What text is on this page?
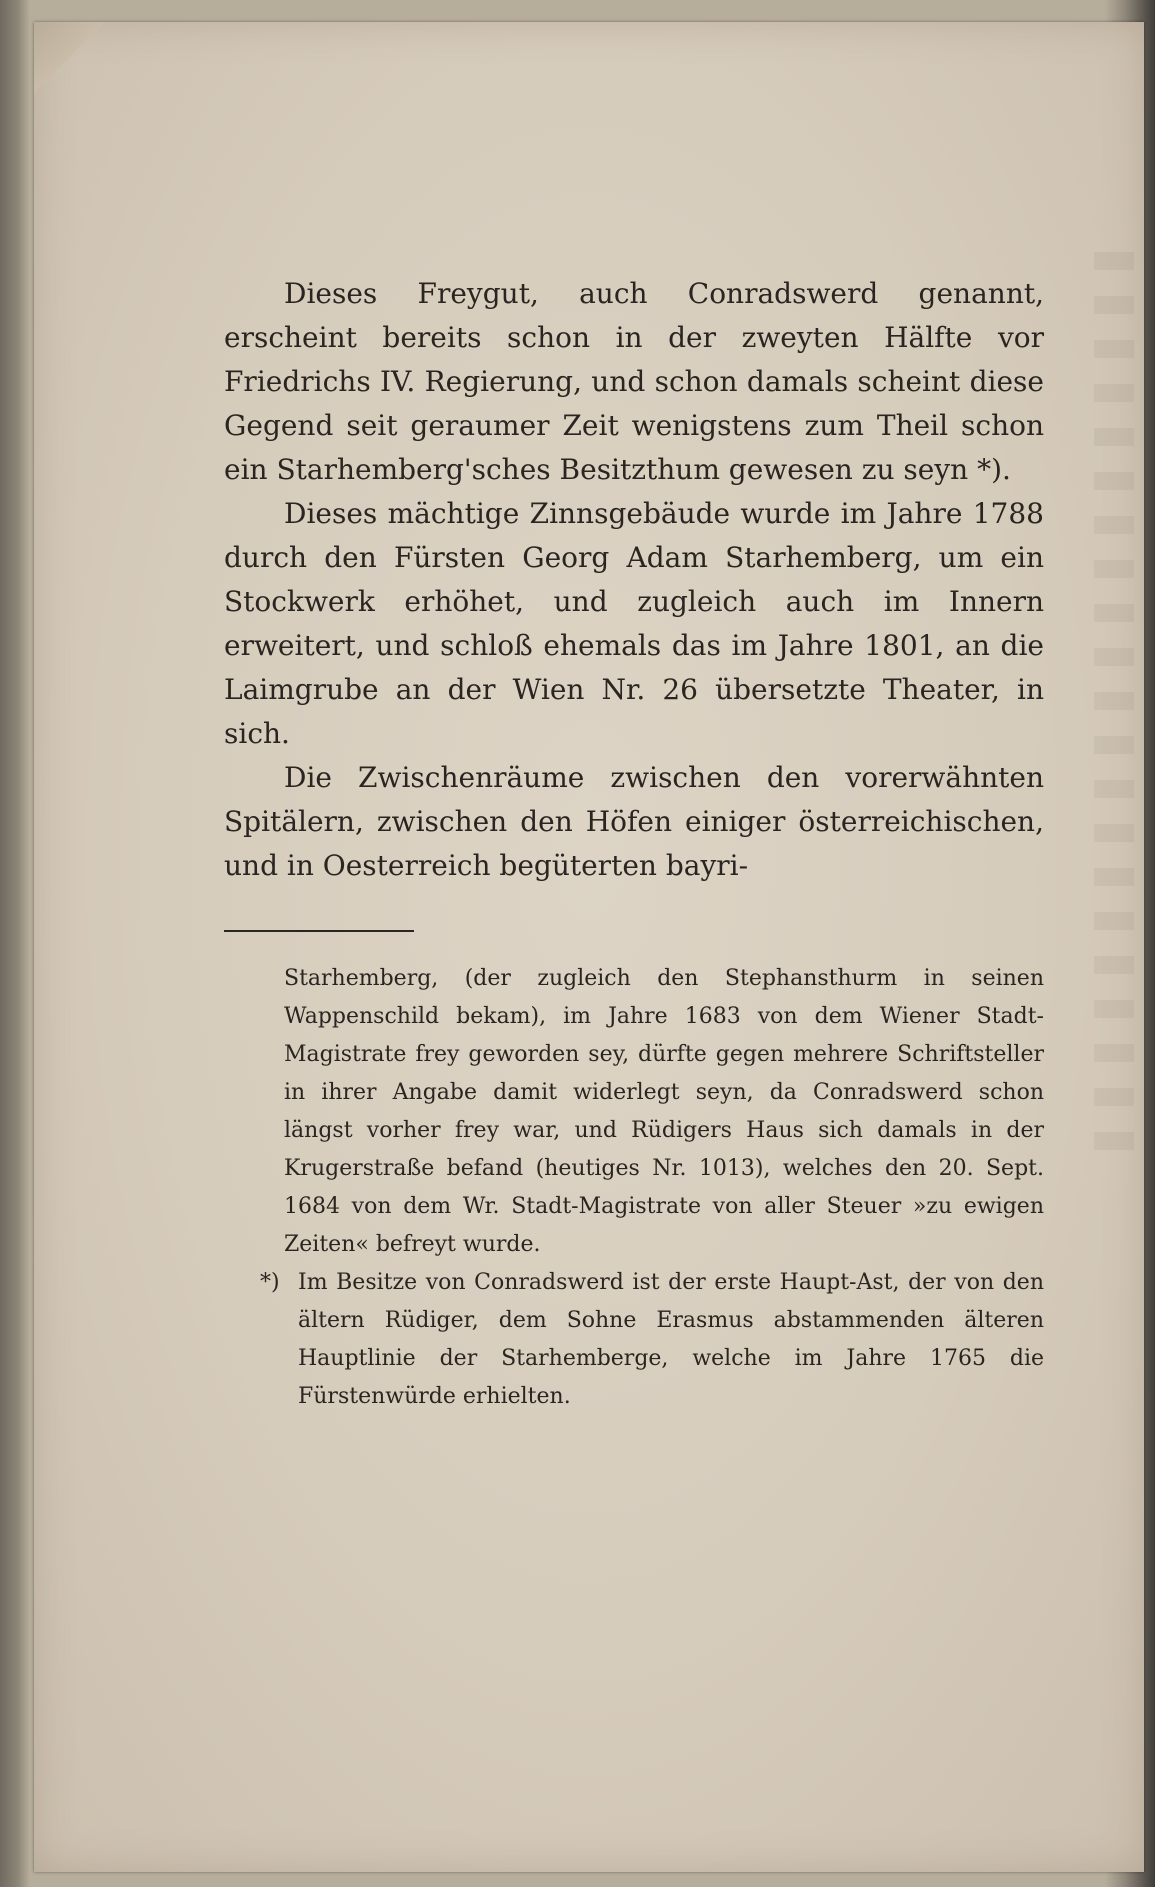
Dieses Freygut, auch Conradswerd genannt, erscheint bereits schon in der zweyten Hälfte vor Friedrichs IV. Regierung, und schon damals scheint diese Gegend seit geraumer Zeit wenigstens zum Theil schon ein Starhemberg'sches Besitzthum gewesen zu seyn *).

Dieses mächtige Zinnsgebäude wurde im Jahre 1788 durch den Fürsten Georg Adam Starhemberg, um ein Stockwerk erhöhet, und zugleich auch im Innern erweitert, und schloß ehemals das im Jahre 1801, an die Laimgrube an der Wien Nr. 26 übersetzte Theater, in sich.

Die Zwischenräume zwischen den vorerwähnten Spitälern, zwischen den Höfen einiger österreichischen, und in Oesterreich begüterten bayri-

Starhemberg, (der zugleich den Stephansthurm in seinen Wappenschild bekam), im Jahre 1683 von dem Wiener Stadt-Magistrate frey geworden sey, dürfte gegen mehrere Schriftsteller in ihrer Angabe damit widerlegt seyn, da Conradswerd schon längst vorher frey war, und Rüdigers Haus sich damals in der Krugerstraße befand (heutiges Nr. 1013), welches den 20. Sept. 1684 von dem Wr. Stadt-Magistrate von aller Steuer »zu ewigen Zeiten« befreyt wurde.

*) Im Besitze von Conradswerd ist der erste Haupt-Ast, der von den ältern Rüdiger, dem Sohne Erasmus abstammenden älteren Hauptlinie der Starhemberge, welche im Jahre 1765 die Fürstenwürde erhielten.
